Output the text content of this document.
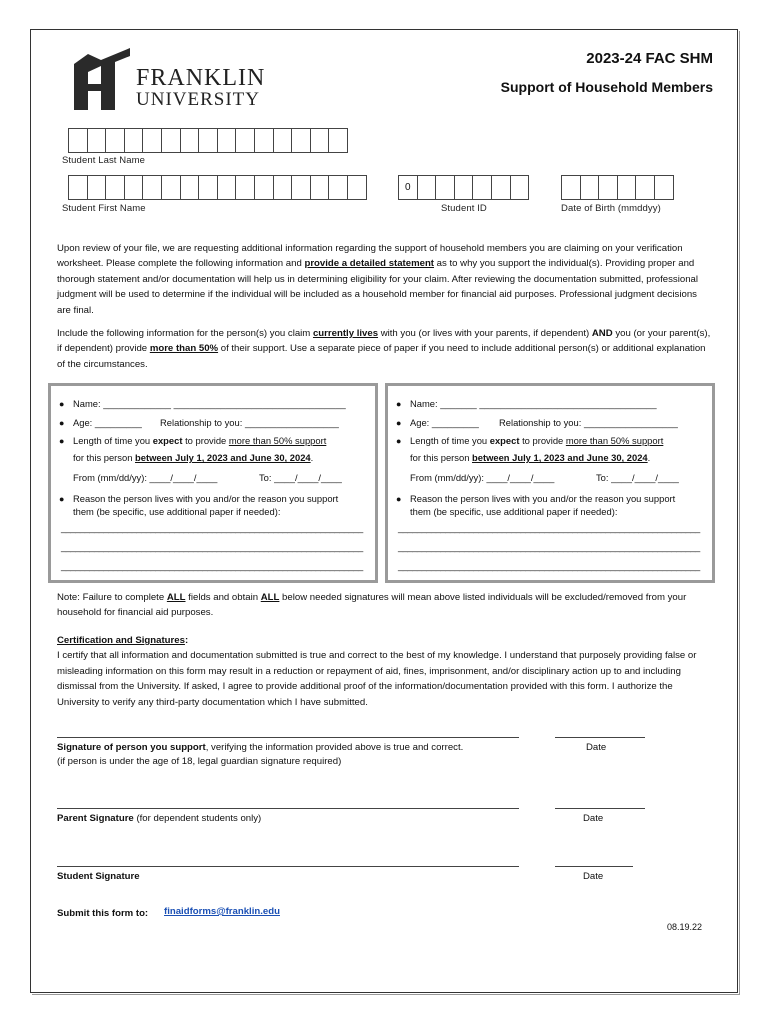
FRANKLIN
UNIVERSITY
2023-24 FAC SHM
Support of Household Members
Student Last Name
Student First Name
0
Student ID	Date of Birth (mmddyy)
Upon review of your file, we are requesting additional information regarding the support of household members you are claiming on your verification worksheet. Please complete the following information and provide a detailed statement as to why you support the individual(s). Providing proper and thorough statement and/or documentation will help us in determining eligibility for your claim. After reviewing the documentation submitted, professional judgment will be used to determine if the individual will be included as a household member for financial aid purposes. Professional judgment decisions are final.
Include the following information for the person(s) you claim currently lives with you (or lives with your parents, if dependent) AND you (or your parent(s), if dependent) provide more than 50% of their support. Use a separate piece of paper if you need to include additional person(s) or additional explanation of the circumstances.
● Name: _____________ _________________________________
● Age: _________ Relationship to you: __________________
● Length of time you expect to provide more than 50% support
for this person between July 1, 2023 and June 30, 2024.
From (mm/dd/yy): ____/____/____	To: ____/____/____
● Reason the person lives with you and/or the reason you support
them (be specific, use additional paper if needed):
________________________________________________________________
________________________________________________________________
________________________________________________________________
● Name: _______ __________________________________
● Age: _________ Relationship to you: __________________
● Length of time you expect to provide more than 50% support
for this person between July 1, 2023 and June 30, 2024.
From (mm/dd/yy): ____/____/____	To: ____/____/____
● Reason the person lives with you and/or the reason you support
them (be specific, use additional paper if needed):
________________________________________________________________
________________________________________________________________
________________________________________________________________
Note: Failure to complete ALL fields and obtain ALL below needed signatures will mean above listed individuals will be excluded/removed from your household for financial aid purposes.
Certification and Signatures:
I certify that all information and documentation submitted is true and correct to the best of my knowledge. I understand that purposely providing false or misleading information on this form may result in a reduction or repayment of aid, fines, imprisonment, and/or disciplinary action up to and including dismissal from the University. If asked, I agree to provide additional proof of the information/documentation provided with this form. I authorize the University to verify any third-party documentation which I have submitted.
Signature of person you support, verifying the information provided above is true and correct.
(if person is under the age of 18, legal guardian signature required)
Date
Parent Signature (for dependent students only)	Date
Student Signature	Date
Submit this form to: finaidforms@franklin.edu
08.19.22
